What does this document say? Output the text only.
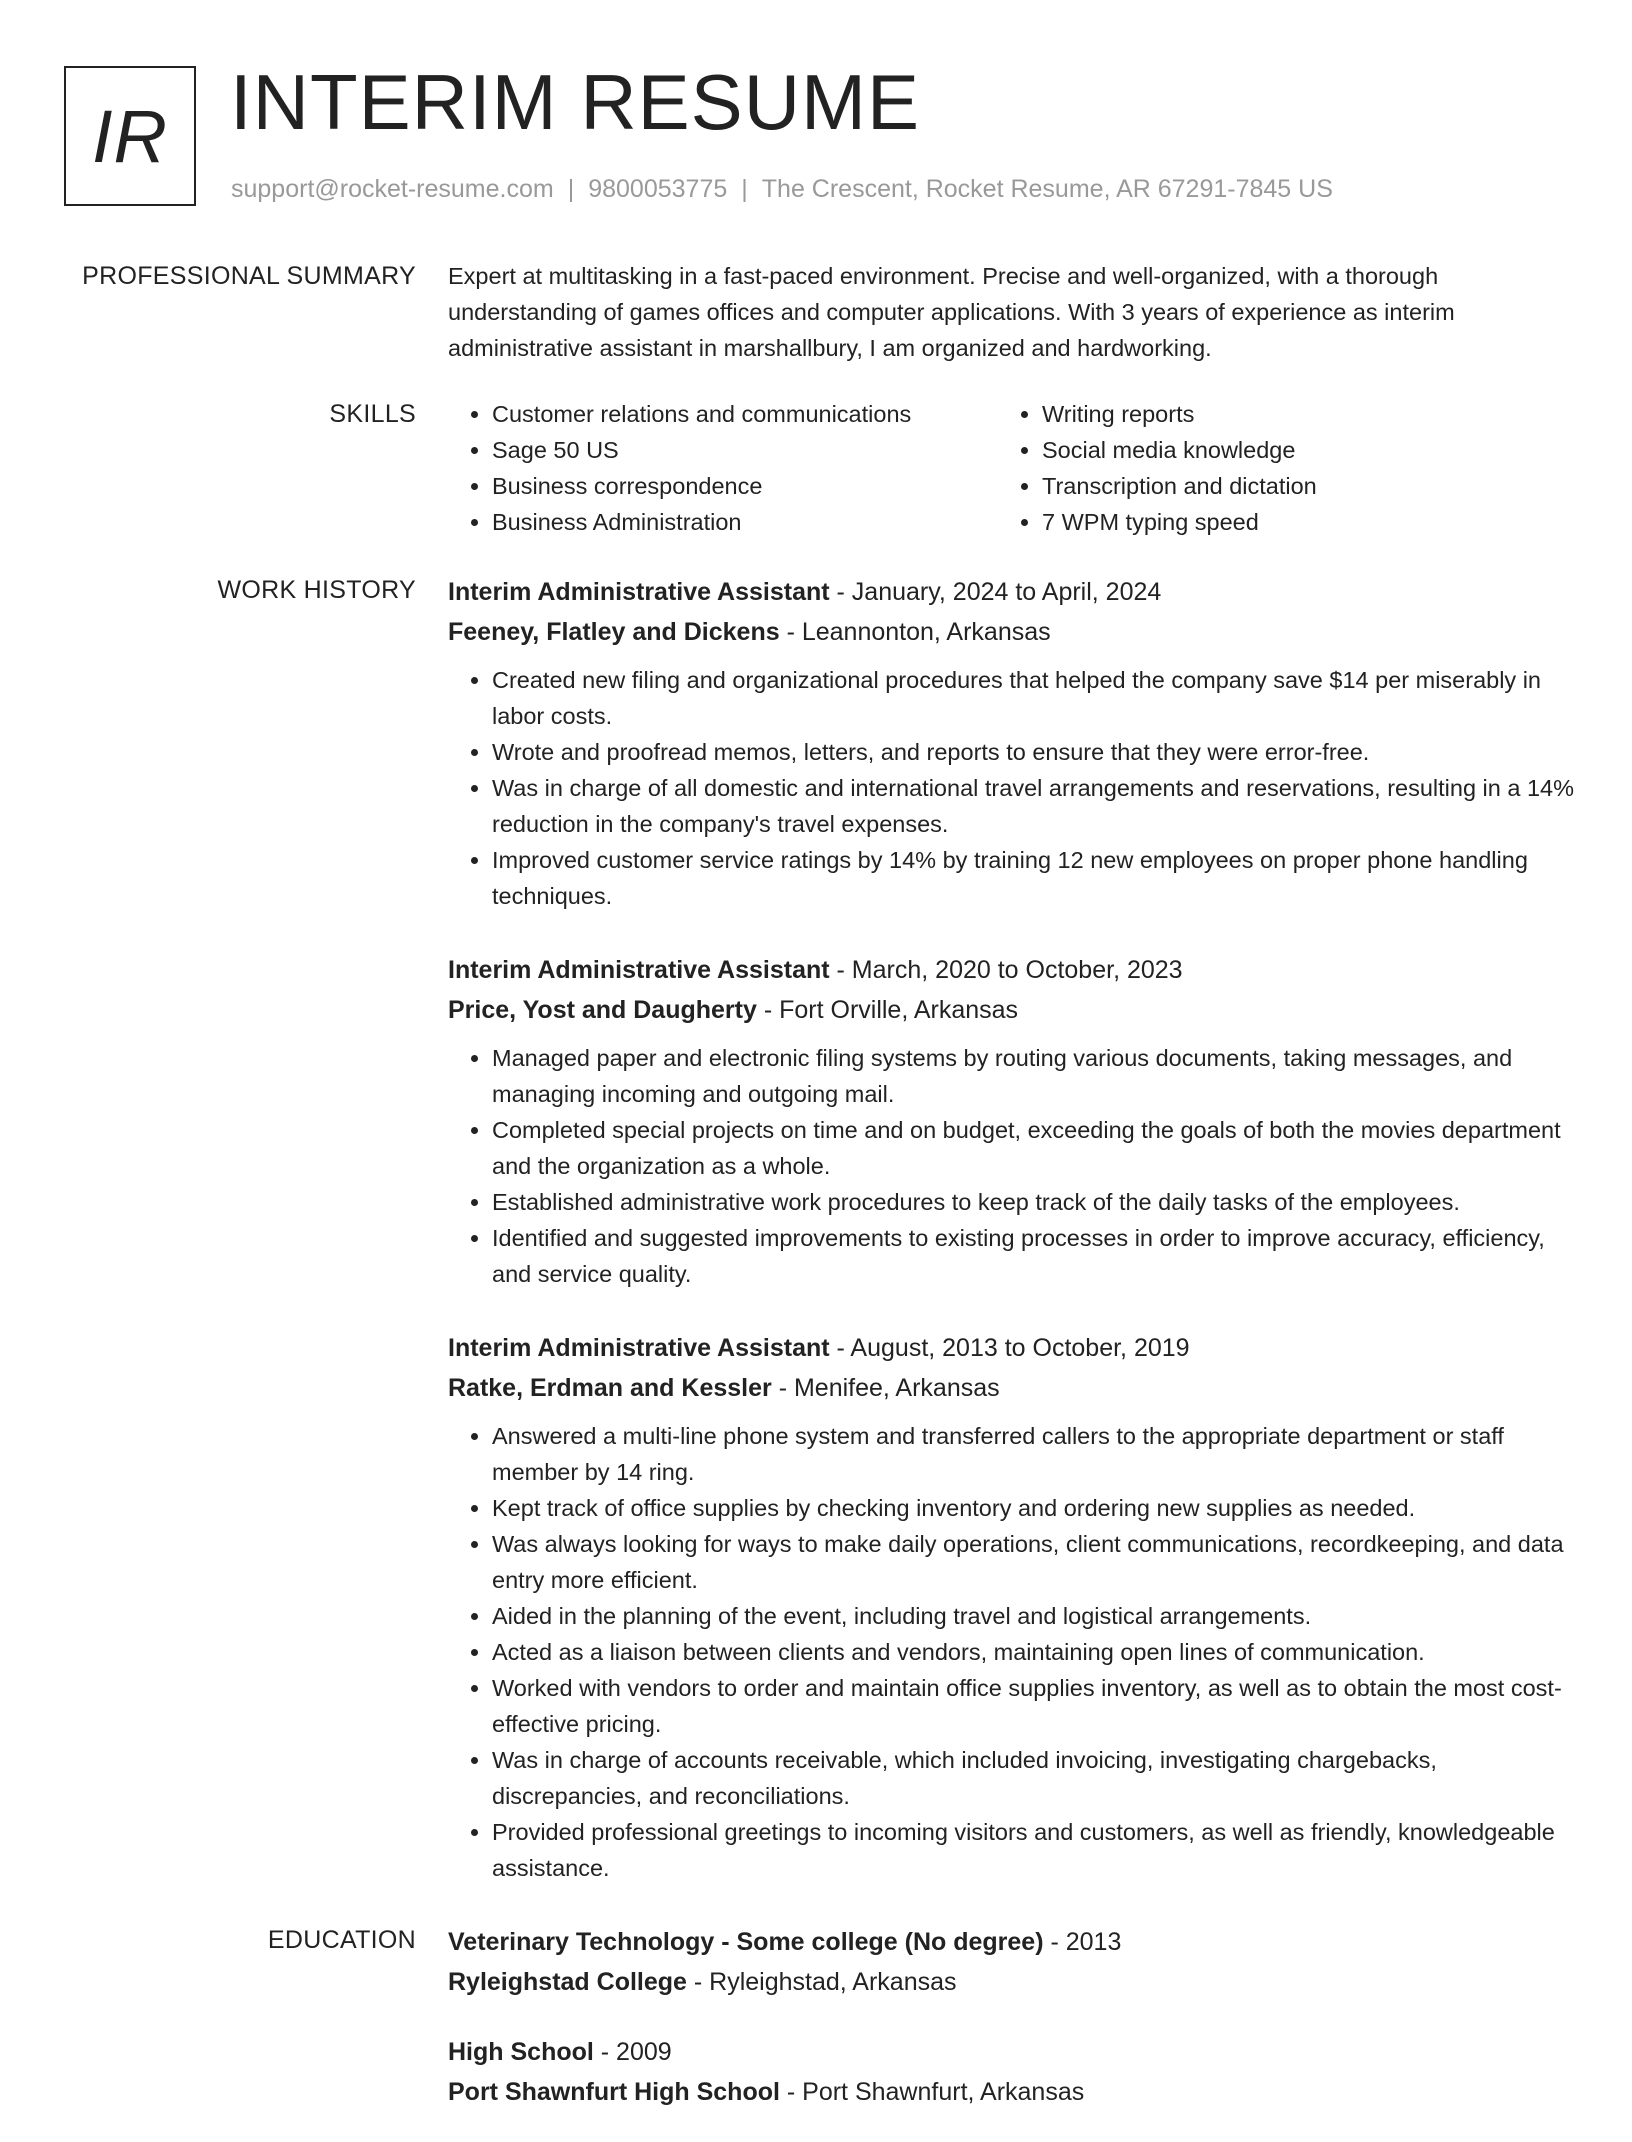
IR INTERIM RESUME
support@rocket-resume.com | 9800053775 | The Crescent, Rocket Resume, AR 67291-7845 US
PROFESSIONAL SUMMARY Expert at multitasking in a fast-paced environment. Precise and well-organized, with a thorough understanding of games offices and computer applications. With 3 years of experience as interim administrative assistant in marshallbury, I am organized and hardworking.

SKILLS
•	Customer relations and communications
• Sage 50 US
• Business correspondence
• Business Administration
• Writing reports
• Social media knowledge
• Transcription and dictation
• 7 WPM typing speed
WORK HISTORY Interim Administrative Assistant - January, 2024 to April, 2024
Feeney, Flatley and Dickens - Leannonton, Arkansas
• Created new filing and organizational procedures that helped the company save $14 per miserably in labor costs.
• Wrote and proofread memos, letters, and reports to ensure that they were error-free.
• Was in charge of all domestic and international travel arrangements and reservations, resulting in a 14% reduction in the company's travel expenses.
• Improved customer service ratings by 14% by training 12 new employees on proper phone handling techniques.
Interim Administrative Assistant - March, 2020 to October, 2023
Price, Yost and Daugherty - Fort Orville, Arkansas
• Managed paper and electronic filing systems by routing various documents, taking messages, and managing incoming and outgoing mail.
• Completed special projects on time and on budget, exceeding the goals of both the movies department and the organization as a whole.
• Established administrative work procedures to keep track of the daily tasks of the employees.
• Identified and suggested improvements to existing processes in order to improve accuracy, efficiency, and service quality.
Interim Administrative Assistant - August, 2013 to October, 2019
Ratke, Erdman and Kessler - Menifee, Arkansas
• Answered a multi-line phone system and transferred callers to the appropriate department or staff member by 14 ring.
• Kept track of office supplies by checking inventory and ordering new supplies as needed.
• Was always looking for ways to make daily operations, client communications, recordkeeping, and data entry more efficient.
• Aided in the planning of the event, including travel and logistical arrangements.
• Acted as a liaison between clients and vendors, maintaining open lines of communication.
• Worked with vendors to order and maintain office supplies inventory, as well as to obtain the most cost-effective pricing.
• Was in charge of accounts receivable, which included invoicing, investigating chargebacks, discrepancies, and reconciliations.
• Provided professional greetings to incoming visitors and customers, as well as friendly, knowledgeable assistance.
EDUCATION Veterinary Technology - Some college (No degree) - 2013
Ryleighstad College - Ryleighstad, Arkansas
High School - 2009
Port Shawnfurt High School - Port Shawnfurt, Arkansas
